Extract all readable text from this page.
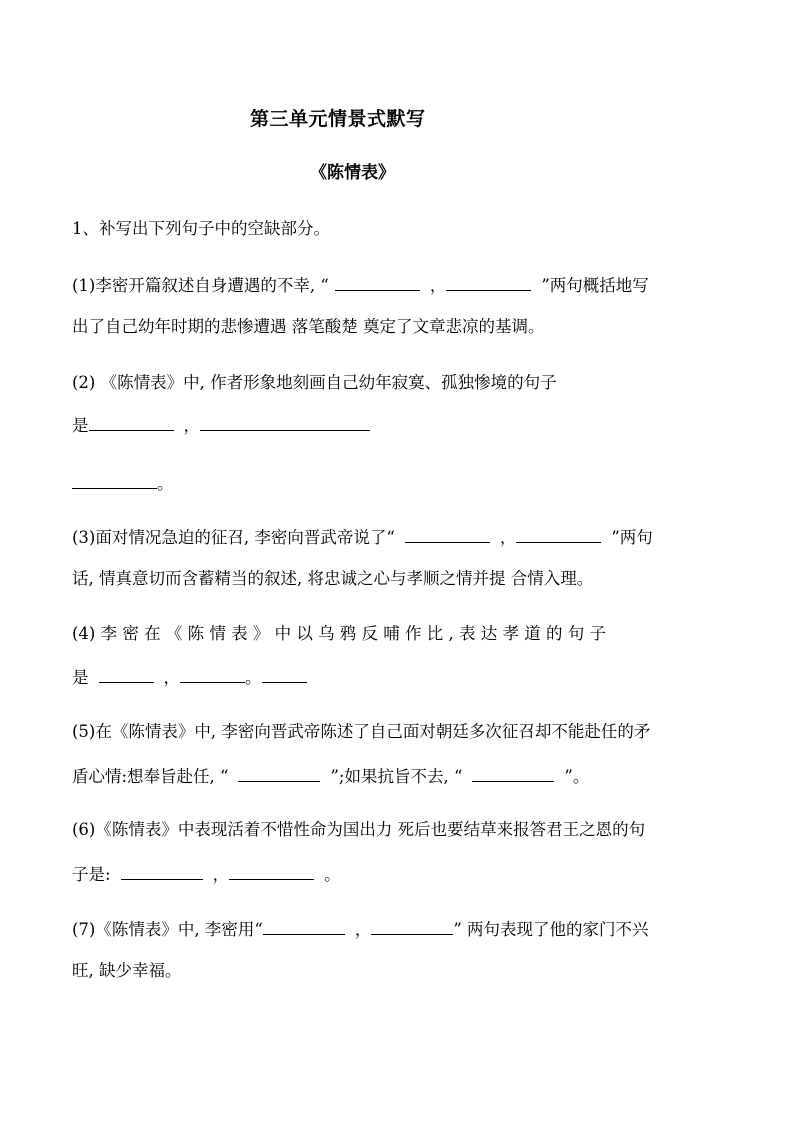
第三单元情景式默写
《陈情表》
1、补写出下列句子中的空缺部分。
(1)李密开篇叙述自身遭遇的不幸, “	，	”两句概括地写
出了自己幼年时期的悲惨遭遇 落笔酸楚 奠定了文章悲凉的基调。
(2) 《陈情表》中, 作者形象地刻画自己幼年寂寞、孤独惨境的句子
是	，
。
(3)面对情况急迫的征召, 李密向晋武帝说了“	，	”两句
话, 情真意切而含蓄精当的叙述, 将忠诚之心与孝顺之情并提 合情入理。
(4) 李 密 在 《 陈 情 表 》 中 以 乌 鸦 反 哺 作 比 , 表 达 孝 道 的 句 子
是	，	。
(5)在《陈情表》中, 李密向晋武帝陈述了自己面对朝廷多次征召却不能赴任的矛
盾心情:想奉旨赴任, “	”;如果抗旨不去, “	”。
(6)《陈情表》中表现活着不惜性命为国出力 死后也要结草来报答君王之恩的句
子是:	，	。
(7)《陈情表》中, 李密用“	，	” 两句表现了他的家门不兴
旺, 缺少幸福。
